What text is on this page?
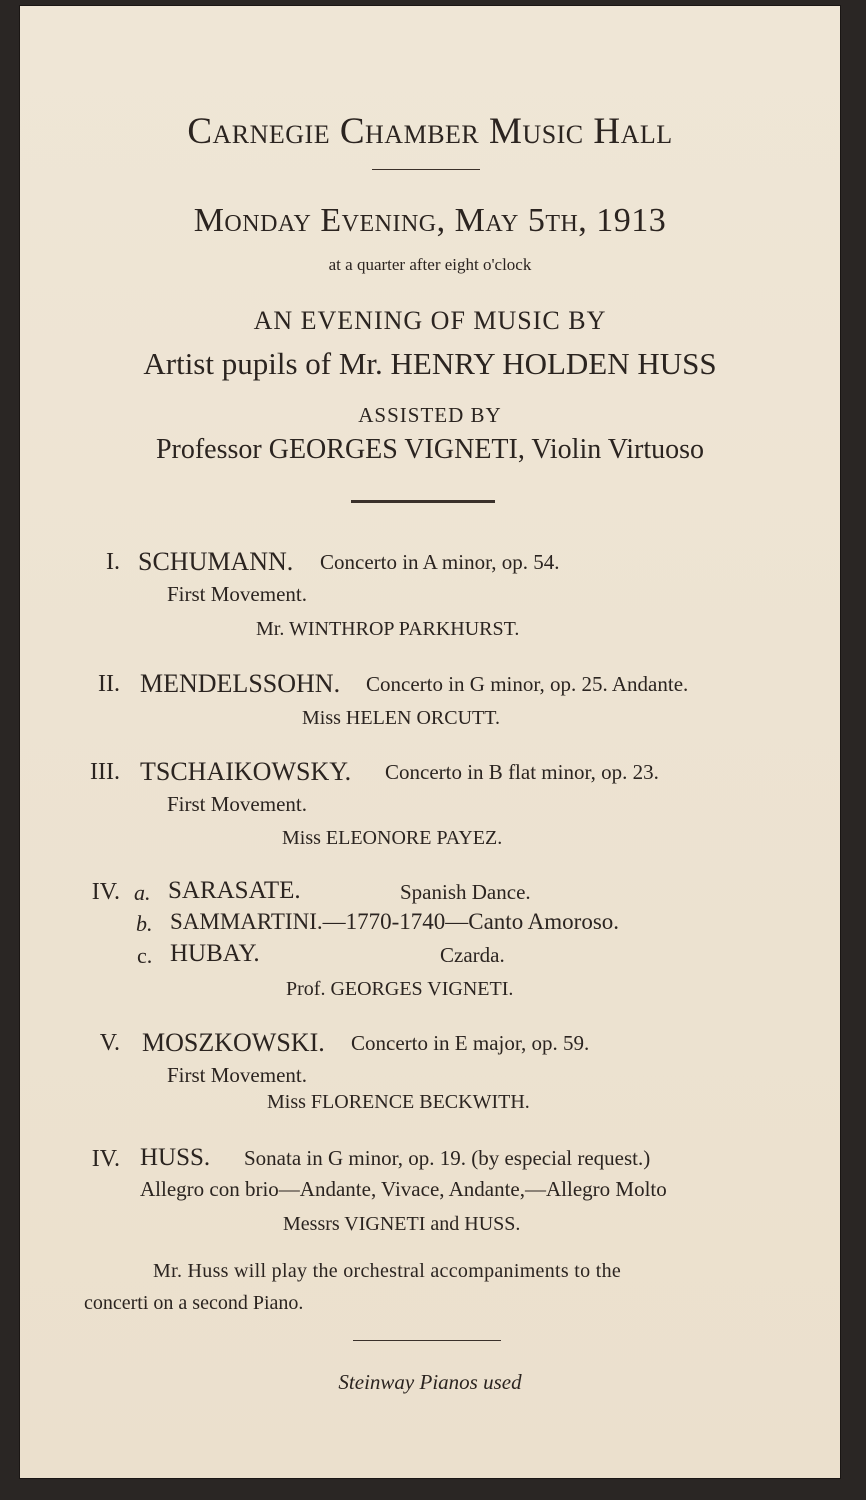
Carnegie Chamber Music Hall
Monday Evening, May 5th, 1913
at a quarter after eight o'clock
AN EVENING OF MUSIC BY
Artist pupils of Mr. HENRY HOLDEN HUSS
ASSISTED BY
Professor GEORGES VIGNETI, Violin Virtuoso
I. SCHUMANN. Concerto in A minor, op. 54.
First Movement.
Mr. WINTHROP PARKHURST.
II. MENDELSSOHN. Concerto in G minor, op. 25. Andante.
Miss HELEN ORCUTT.
III. TSCHAIKOWSKY. Concerto in B flat minor, op. 23.
First Movement.
Miss ELEONORE PAYEZ.
IV. a. SARASATE.	Spanish Dance.
b. SAMMARTINI.—1770-1740—Canto Amoroso.
c. HUBAY.	Czarda.
Prof. GEORGES VIGNETI.
V. MOSZKOWSKI. Concerto in E major, op. 59.
First Movement.
Miss FLORENCE BECKWITH.
IV. HUSS. Sonata in G minor, op. 19. (by especial request.)
Allegro con brio—Andante, Vivace, Andante,—Allegro Molto
Messrs VIGNETI and HUSS.
Mr. Huss will play the orchestral accompaniments to the
concerti on a second Piano.
Steinway Pianos used
